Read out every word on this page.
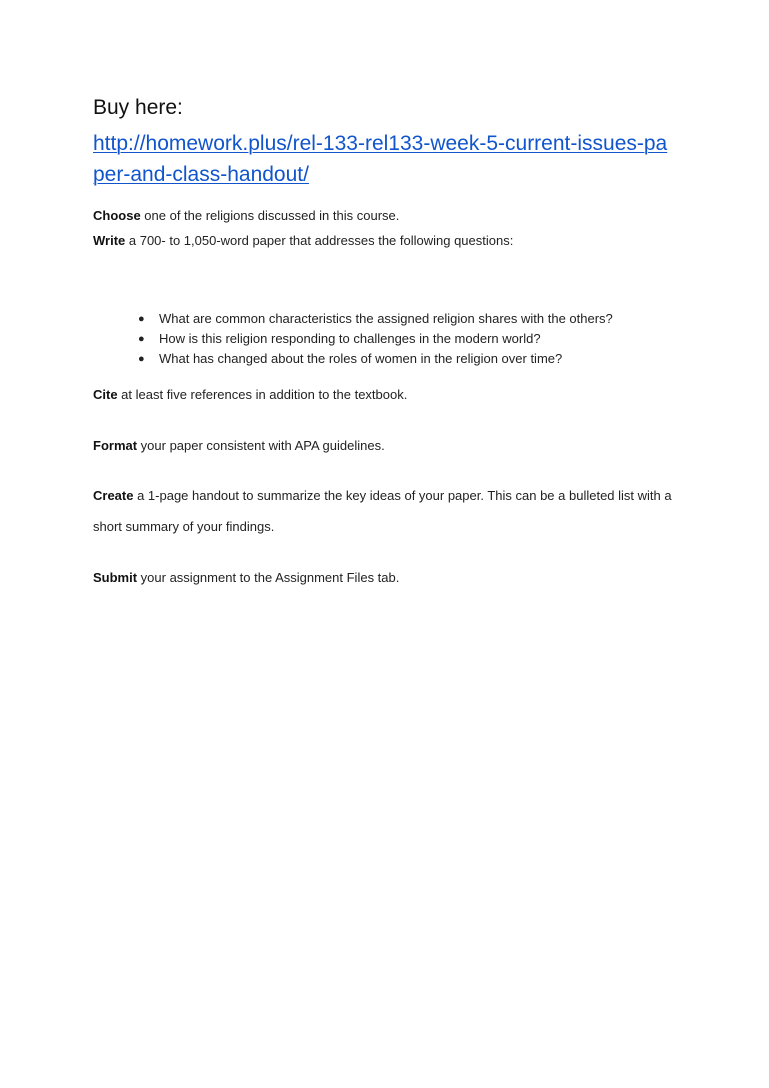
Buy here:

http://homework.plus/rel-133-rel133-week-5-current-issues-paper-and-class-handout/

Choose one of the religions discussed in this course.

Write a 700- to 1,050-word paper that addresses the following questions:

● What are common characteristics the assigned religion shares with the others?
● How is this religion responding to challenges in the modern world?
● What has changed about the roles of women in the religion over time?

Cite at least five references in addition to the textbook.

Format your paper consistent with APA guidelines.

Create a 1-page handout to summarize the key ideas of your paper. This can be a bulleted list with a short summary of your findings.

Submit your assignment to the Assignment Files tab.
